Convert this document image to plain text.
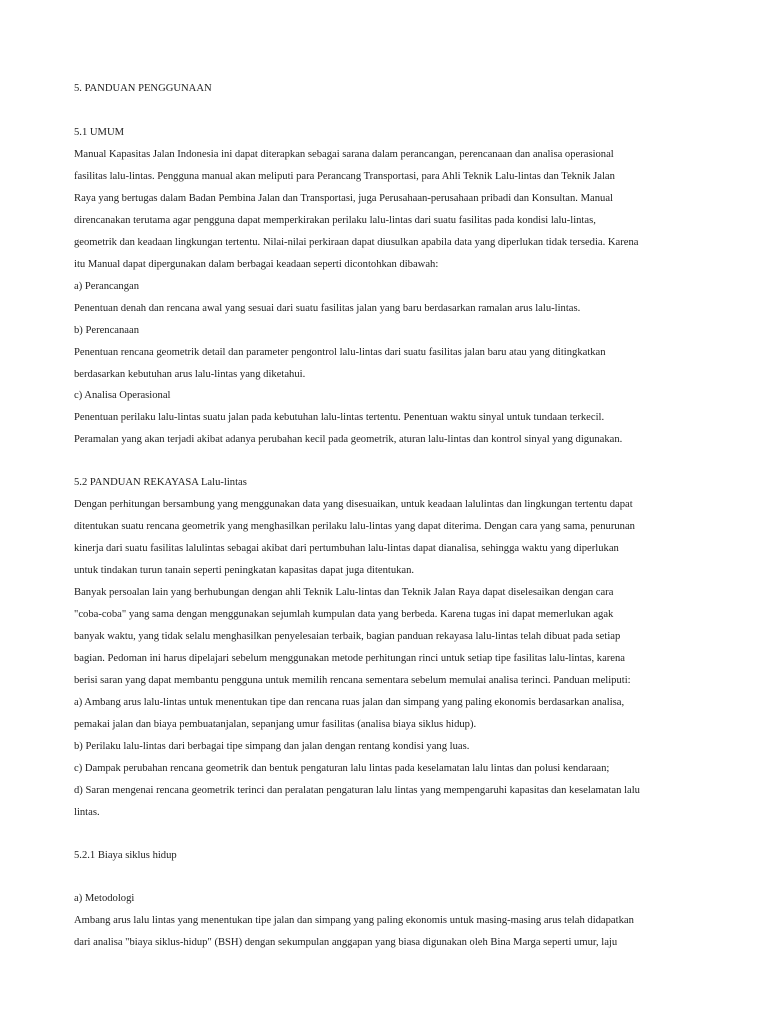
5. PANDUAN PENGGUNAAN
5.1 UMUM
Manual Kapasitas Jalan Indonesia ini dapat diterapkan sebagai sarana dalam perancangan, perencanaan dan analisa operasional
fasilitas lalu-lintas. Pengguna manual akan meliputi para Perancang Transportasi, para Ahli Teknik Lalu-lintas dan Teknik Jalan
Raya yang bertugas dalam Badan Pembina Jalan dan Transportasi, juga Perusahaan-perusahaan pribadi dan Konsultan. Manual
direncanakan terutama agar pengguna dapat memperkirakan perilaku lalu-lintas dari suatu fasilitas pada kondisi lalu-lintas,
geometrik dan keadaan lingkungan tertentu. Nilai-nilai perkiraan dapat diusulkan apabila data yang diperlukan tidak tersedia. Karena
itu Manual dapat dipergunakan dalam berbagai keadaan seperti dicontohkan dibawah:
a) Perancangan
Penentuan denah dan rencana awal yang sesuai dari suatu fasilitas jalan yang baru berdasarkan ramalan arus lalu-lintas.
b) Perencanaan
Penentuan rencana geometrik detail dan parameter pengontrol lalu-lintas dari suatu fasilitas jalan baru atau yang ditingkatkan
berdasarkan kebutuhan arus lalu-lintas yang diketahui.
c) Analisa Operasional
Penentuan perilaku lalu-lintas suatu jalan pada kebutuhan lalu-lintas tertentu. Penentuan waktu sinyal untuk tundaan terkecil.
Peramalan yang akan terjadi akibat adanya perubahan kecil pada geometrik, aturan lalu-lintas dan kontrol sinyal yang digunakan.
5.2 PANDUAN REKAYASA Lalu-lintas
Dengan perhitungan bersambung yang menggunakan data yang disesuaikan, untuk keadaan lalulintas dan lingkungan tertentu dapat
ditentukan suatu rencana geometrik yang menghasilkan perilaku lalu-lintas yang dapat diterima. Dengan cara yang sama, penurunan
kinerja dari suatu fasilitas lalulintas sebagai akibat dari pertumbuhan lalu-lintas dapat dianalisa, sehingga waktu yang diperlukan
untuk tindakan turun tanain seperti peningkatan kapasitas dapat juga ditentukan.
Banyak persoalan lain yang berhubungan dengan ahli Teknik Lalu-lintas dan Teknik Jalan Raya dapat diselesaikan dengan cara
"coba-coba" yang sama dengan menggunakan sejumlah kumpulan data yang berbeda. Karena tugas ini dapat memerlukan agak
banyak waktu, yang tidak selalu menghasilkan penyelesaian terbaik, bagian panduan rekayasa lalu-lintas telah dibuat pada setiap
bagian. Pedoman ini harus dipelajari sebelum menggunakan metode perhitungan rinci untuk setiap tipe fasilitas lalu-lintas, karena
berisi saran yang dapat membantu pengguna untuk memilih rencana sementara sebelum memulai analisa terinci. Panduan meliputi:
a) Ambang arus lalu-lintas untuk menentukan tipe dan rencana ruas jalan dan simpang yang paling ekonomis berdasarkan analisa,
pemakai jalan dan biaya pembuatanjalan, sepanjang umur fasilitas (analisa biaya siklus hidup).
b) Perilaku lalu-lintas dari berbagai tipe simpang dan jalan dengan rentang kondisi yang luas.
c) Dampak perubahan rencana geometrik dan bentuk pengaturan lalu lintas pada keselamatan lalu lintas dan polusi kendaraan;
d) Saran mengenai rencana geometrik terinci dan peralatan pengaturan lalu lintas yang mempengaruhi kapasitas dan keselamatan lalu
lintas.
5.2.1 Biaya siklus hidup
a) Metodologi
Ambang arus lalu lintas yang menentukan tipe jalan dan simpang yang paling ekonomis untuk masing-masing arus telah didapatkan
dari analisa "biaya siklus-hidup" (BSH) dengan sekumpulan anggapan yang biasa digunakan oleh Bina Marga seperti umur, laju
